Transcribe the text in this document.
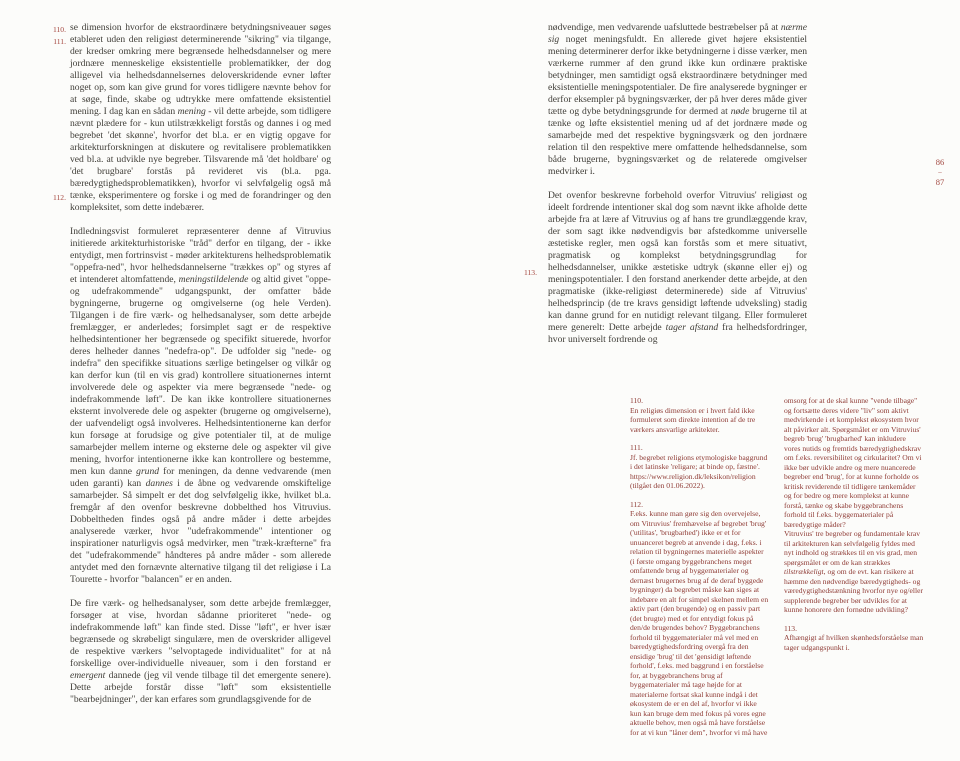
110.
111.
112.

se dimension hvorfor de ekstraordinære betydningsniveauer søges etableret uden den religiøst determinerende "sikring" via tilgange, der kredser omkring mere begrænsede helhedsdannelser og mere jordnære menneskelige eksistentielle problematikker, der dog alligevel via helhedsdannelsernes deloverskridende evner løfter noget op, som kan give grund for vores tidligere nævnte behov for at søge, finde, skabe og udtrykke mere omfattende eksistentiel mening. I dag kan en sådan mening - vil dette arbejde, som tidligere nævnt plædere for - kun utilstrækkeligt forstås og dannes i og med begrebet 'det skønne', hvorfor det bl.a. er en vigtig opgave for arkitekturforskningen at diskutere og revitalisere problematikken ved bl.a. at udvikle nye begreber. Tilsvarende må 'det holdbare' og 'det brugbare' forstås på revideret vis (bl.a. pga. bæredygtighedsproblematikken), hvorfor vi selvfølgelig også må tænke, eksperimentere og forske i og med de forandringer og den kompleksitet, som dette indebærer.

Indledningsvist formuleret repræsenterer denne af Vitruvius initierede arkitekturhistoriske "tråd" derfor en tilgang, der - ikke entydigt, men fortrinsvist - møder arkitekturens helhedsproblematik "oppefra-ned", hvor helhedsdannelserne "trækkes op" og styres af et intenderet altomfattende, meningstildelende og altid givet "oppe- og udefrakommende" udgangspunkt, der omfatter både bygningerne, brugerne og omgivelserne (og hele Verden). Tilgangen i de fire værk- og helhedsanalyser, som dette arbejde fremlægger, er anderledes; forsimplet sagt er de respektive helhedsintentioner her begrænsede og specifikt situerede, hvorfor deres helheder dannes "nedefra-op". De udfolder sig "nede- og indefra" den specifikke situations særlige betingelser og vilkår og kan derfor kun (til en vis grad) kontrollere situationernes internt involverede dele og aspekter via mere begrænsede "nede- og indefrakommende løft". De kan ikke kontrollere situationernes eksternt involverede dele og aspekter (brugerne og omgivelserne), der uafvendeligt også involveres. Helhedsintentionerne kan derfor kun forsøge at forudsige og give potentialer til, at de mulige samarbejder mellem interne og eksterne dele og aspekter vil give mening, hvorfor intentionerne ikke kan kontrollere og bestemme, men kun danne grund for meningen, da denne vedvarende (men uden garanti) kan dannes i de åbne og vedvarende omskiftelige samarbejder. Så simpelt er det dog selvfølgelig ikke, hvilket bl.a. fremgår af den ovenfor beskrevne dobbelthed hos Vitruvius. Dobbeltheden findes også på andre måder i dette arbejdes analyserede værker, hvor "udefrakommende" intentioner og inspirationer naturligvis også medvirker, men "træk-kræfterne" fra det "udefrakommende" håndteres på andre måder - som allerede antydet med den fornævnte alternative tilgang til det religiøse i La Tourette - hvorfor "balancen" er en anden.

De fire værk- og helhedsanalyser, som dette arbejde fremlægger, forsøger at vise, hvordan sådanne prioriteret "nede- og indefrakommende løft" kan finde sted. Disse "løft", er hver især begrænsede og skrøbeligt singulære, men de overskrider alligevel de respektive værkers "selvoptagede individualitet" for at nå forskellige over-individuelle niveauer, som i den forstand er emergent dannede (jeg vil vende tilbage til det emergente senere). Dette arbejde forstår disse "løft" som eksistentielle "bearbejdninger", der kan erfares som grundlagsgivende for de

113.

nødvendige, men vedvarende uafsluttede bestræbelser på at nærme sig noget meningsfuldt. En allerede givet højere eksistentiel mening determinerer derfor ikke betydningerne i disse værker, men værkerne rummer af den grund ikke kun ordinære praktiske betydninger, men samtidigt også ekstraordinære betydninger med eksistentielle meningspotentialer. De fire analyserede bygninger er derfor eksempler på bygningsværker, der på hver deres måde giver tætte og dybe betydningsgrunde for dermed at nøde brugerne til at tænke og løfte eksistentiel mening ud af det jordnære møde og samarbejde med det respektive bygningsværk og den jordnære relation til den respektive mere omfattende helhedsdannelse, som både brugerne, bygningsværket og de relaterede omgivelser medvirker i.

Det ovenfor beskrevne forbehold overfor Vitruvius' religiøst og ideelt fordrende intentioner skal dog som nævnt ikke afholde dette arbejde fra at lære af Vitruvius og af hans tre grundlæggende krav, der som sagt ikke nødvendigvis bør afstedkomme universelle æstetiske regler, men også kan forstås som et mere situativt, pragmatisk og komplekst betydningsgrundlag for helhedsdannelser, unikke æstetiske udtryk (skønne eller ej) og meningspotentialer. I den forstand anerkender dette arbejde, at den pragmatiske (ikke-religiøst determinerede) side af Vitruvius' helhedsprincip (de tre kravs gensidigt løftende udveksling) stadig kan danne grund for en nutidigt relevant tilgang. Eller formuleret mere generelt: Dette arbejde tager afstand fra helhedsfordringer, hvor universelt fordrende og

110.

En religiøs dimension er i hvert fald ikke formuleret som direkte intention af de tre værkers ansvarlige arkitekter.

111.

Jf. begrebet religions etymologiske baggrund i det latinske 'religare; at binde op, fæstne'. https://www.religion.dk/leksikon/religion (tilgået den 01.06.2022).

112.

F.eks. kunne man gøre sig den overvejelse, om Vitruvius' fremhævelse af begrebet 'brug' ('utilitas', 'brugbarhed') ikke er et for unuanceret begreb at anvende i dag, f.eks. i relation til bygningernes materielle aspekter (i første omgang byggebranchens meget omfattende brug af byggematerialer og dernæst brugernes brug af de deraf byggede bygninger) da begrebet måske kan siges at indebære en alt for simpel skelnen mellem en aktiv part (den brugende) og en passiv part (det brugte) med et for entydigt fokus på den/de brugendes behov? Byggebranchens forhold til byggematerialer må vel med en bæredygtighedsfordring overgå fra den ensidige 'brug' til det 'gensidigt løftende forhold', f.eks. med baggrund i en forståelse for, at byggebranchens brug af byggematerialer må tage højde for at materialerne fortsat skal kunne indgå i det økosystem de er en del af, hvorfor vi ikke kun kan bruge dem med fokus på vores egne aktuelle behov, men også må have forståelse for at vi kun "låner dem", hvorfor vi må have omsorg for at de skal kunne "vende tilbage" og fortsætte deres videre "liv" som aktivt medvirkende i et komplekst økosystem hvor alt påvirker alt. Spørgsmålet er om Vitruvius' begreb 'brug' 'brugbarhed' kan inkludere vores nutids og fremtids bæredygtighedskrav om f.eks. reversibilitet og cirkularitet? Om vi ikke bør udvikle andre og mere nuancerede begreber end 'brug', for at kunne forholde os kritisk reviderende til tidligere tænkemåder og for bedre og mere komplekst at kunne forstå, tænke og skabe byggebranchens forhold til f.eks. byggematerialer på bæredygtige måder?

Vitruvius' tre begreber og fundamentale krav til arkitekturen kan selvfølgelig fyldes med nyt indhold og strækkes til en vis grad, men spørgsmålet er om de kan strækkes tilstrækkeligt, og om de evt. kan risikere at hæmme den nødvendige bæredygtigheds- og væredygtighedstænkning hvorfor nye og/eller supplerende begreber bør udvikles for at kunne honorere den fornødne udvikling?

113.

Afhængigt af hvilken skønhedsforståelse man tager udgangspunkt i.

86
–
87
